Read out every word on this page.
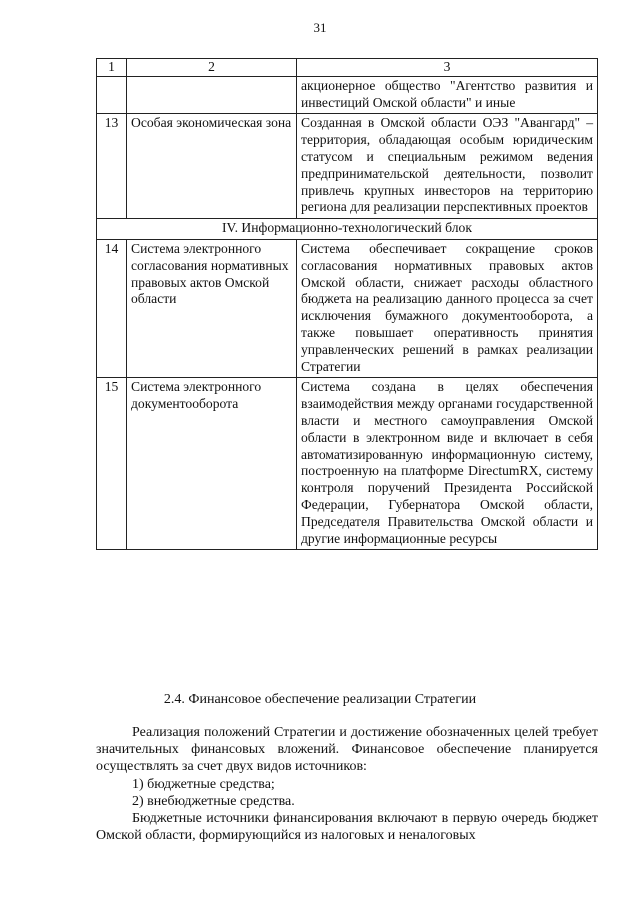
31
1	2	3
		акционерное общество "Агентство развития и инвестиций Омской области" и иные
13	Особая экономическая зона	Созданная в Омской области ОЭЗ "Авангард" – территория, обладающая особым юридическим статусом и специальным режимом ведения предпринимательской деятельности, позволит привлечь крупных инвесторов на территорию региона для реализации перспективных проектов
IV. Информационно-технологический блок		
14	Система электронного согласования нормативных правовых актов Омской области	Система обеспечивает сокращение сроков согласования нормативных правовых актов Омской области, снижает расходы областного бюджета на реализацию данного процесса за счет исключения бумажного документооборота, а также повышает оперативность принятия управленческих решений в рамках реализации Стратегии
15	Система электронного документооборота	Система создана в целях обеспечения взаимодействия между органами государственной власти и местного самоуправления Омской области в электронном виде и включает в себя автоматизированную информационную систему, построенную на платформе DirectumRX, систему контроля поручений Президента Российской Федерации, Губернатора Омской области, Председателя Правительства Омской области и другие информационные ресурсы
2.4. Финансовое обеспечение реализации Стратегии

Реализация положений Стратегии и достижение обозначенных целей требует значительных финансовых вложений. Финансовое обеспечение планируется осуществлять за счет двух видов источников:

1) бюджетные средства;

2) внебюджетные средства.

Бюджетные источники финансирования включают в первую очередь бюджет Омской области, формирующийся из налоговых и неналоговых
